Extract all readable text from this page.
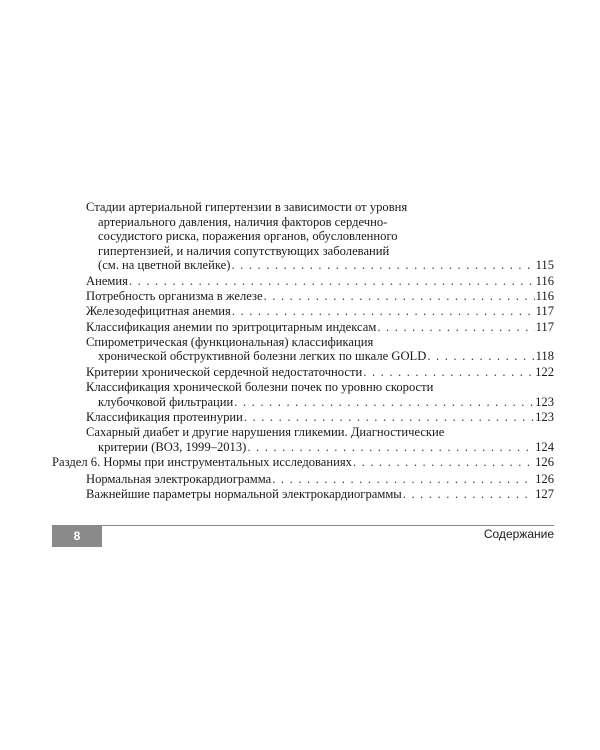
Стадии артериальной гипертензии в зависимости от уровня
артериального давления, наличия факторов сердечно-
сосудистого риска, поражения органов, обусловленного
гипертензией, и наличия сопутствующих заболеваний
(см. на цветной вклейке) . . .	115
Анемия . . .	116
Потребность организма в железе . . .	116
Железодефицитная анемия . . .	117
Классификация анемии по эритроцитарным индексам . . .	117
Спирометрическая (функциональная) классификация
хронической обструктивной болезни легких по шкале GOLD . . .	118
Критерии хронической сердечной недостаточности . . .	122
Классификация хронической болезни почек по уровню скорости
клубочковой фильтрации . . .	123
Классификация протеинурии . . .	123
Сахарный диабет и другие нарушения гликемии. Диагностические
критерии (ВОЗ, 1999–2013) . . .	124
Раздел 6. Нормы при инструментальных исследованиях . . .	126
Нормальная электрокардиограмма . . .	126
Важнейшие параметры нормальной электрокардиограммы . . .	127
8	Содержание
